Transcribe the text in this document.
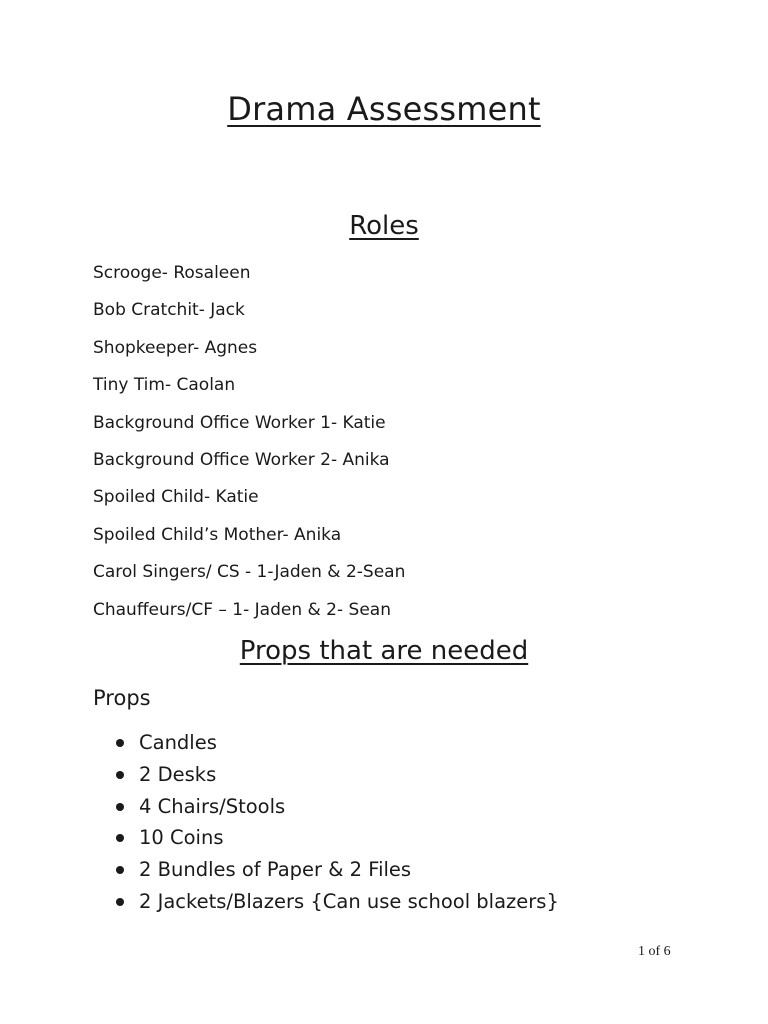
Drama Assessment
Roles
Scrooge- Rosaleen
Bob Cratchit- Jack
Shopkeeper- Agnes
Tiny Tim- Caolan
Background Office Worker 1- Katie
Background Office Worker 2- Anika
Spoiled Child- Katie
Spoiled Child’s Mother- Anika
Carol Singers/ CS - 1-Jaden & 2-Sean
Chauffeurs/CF – 1- Jaden & 2- Sean
Props that are needed
Props
Candles
2 Desks
4 Chairs/Stools
10 Coins
2 Bundles of Paper & 2 Files
2 Jackets/Blazers {Can use school blazers}
1 of 6
